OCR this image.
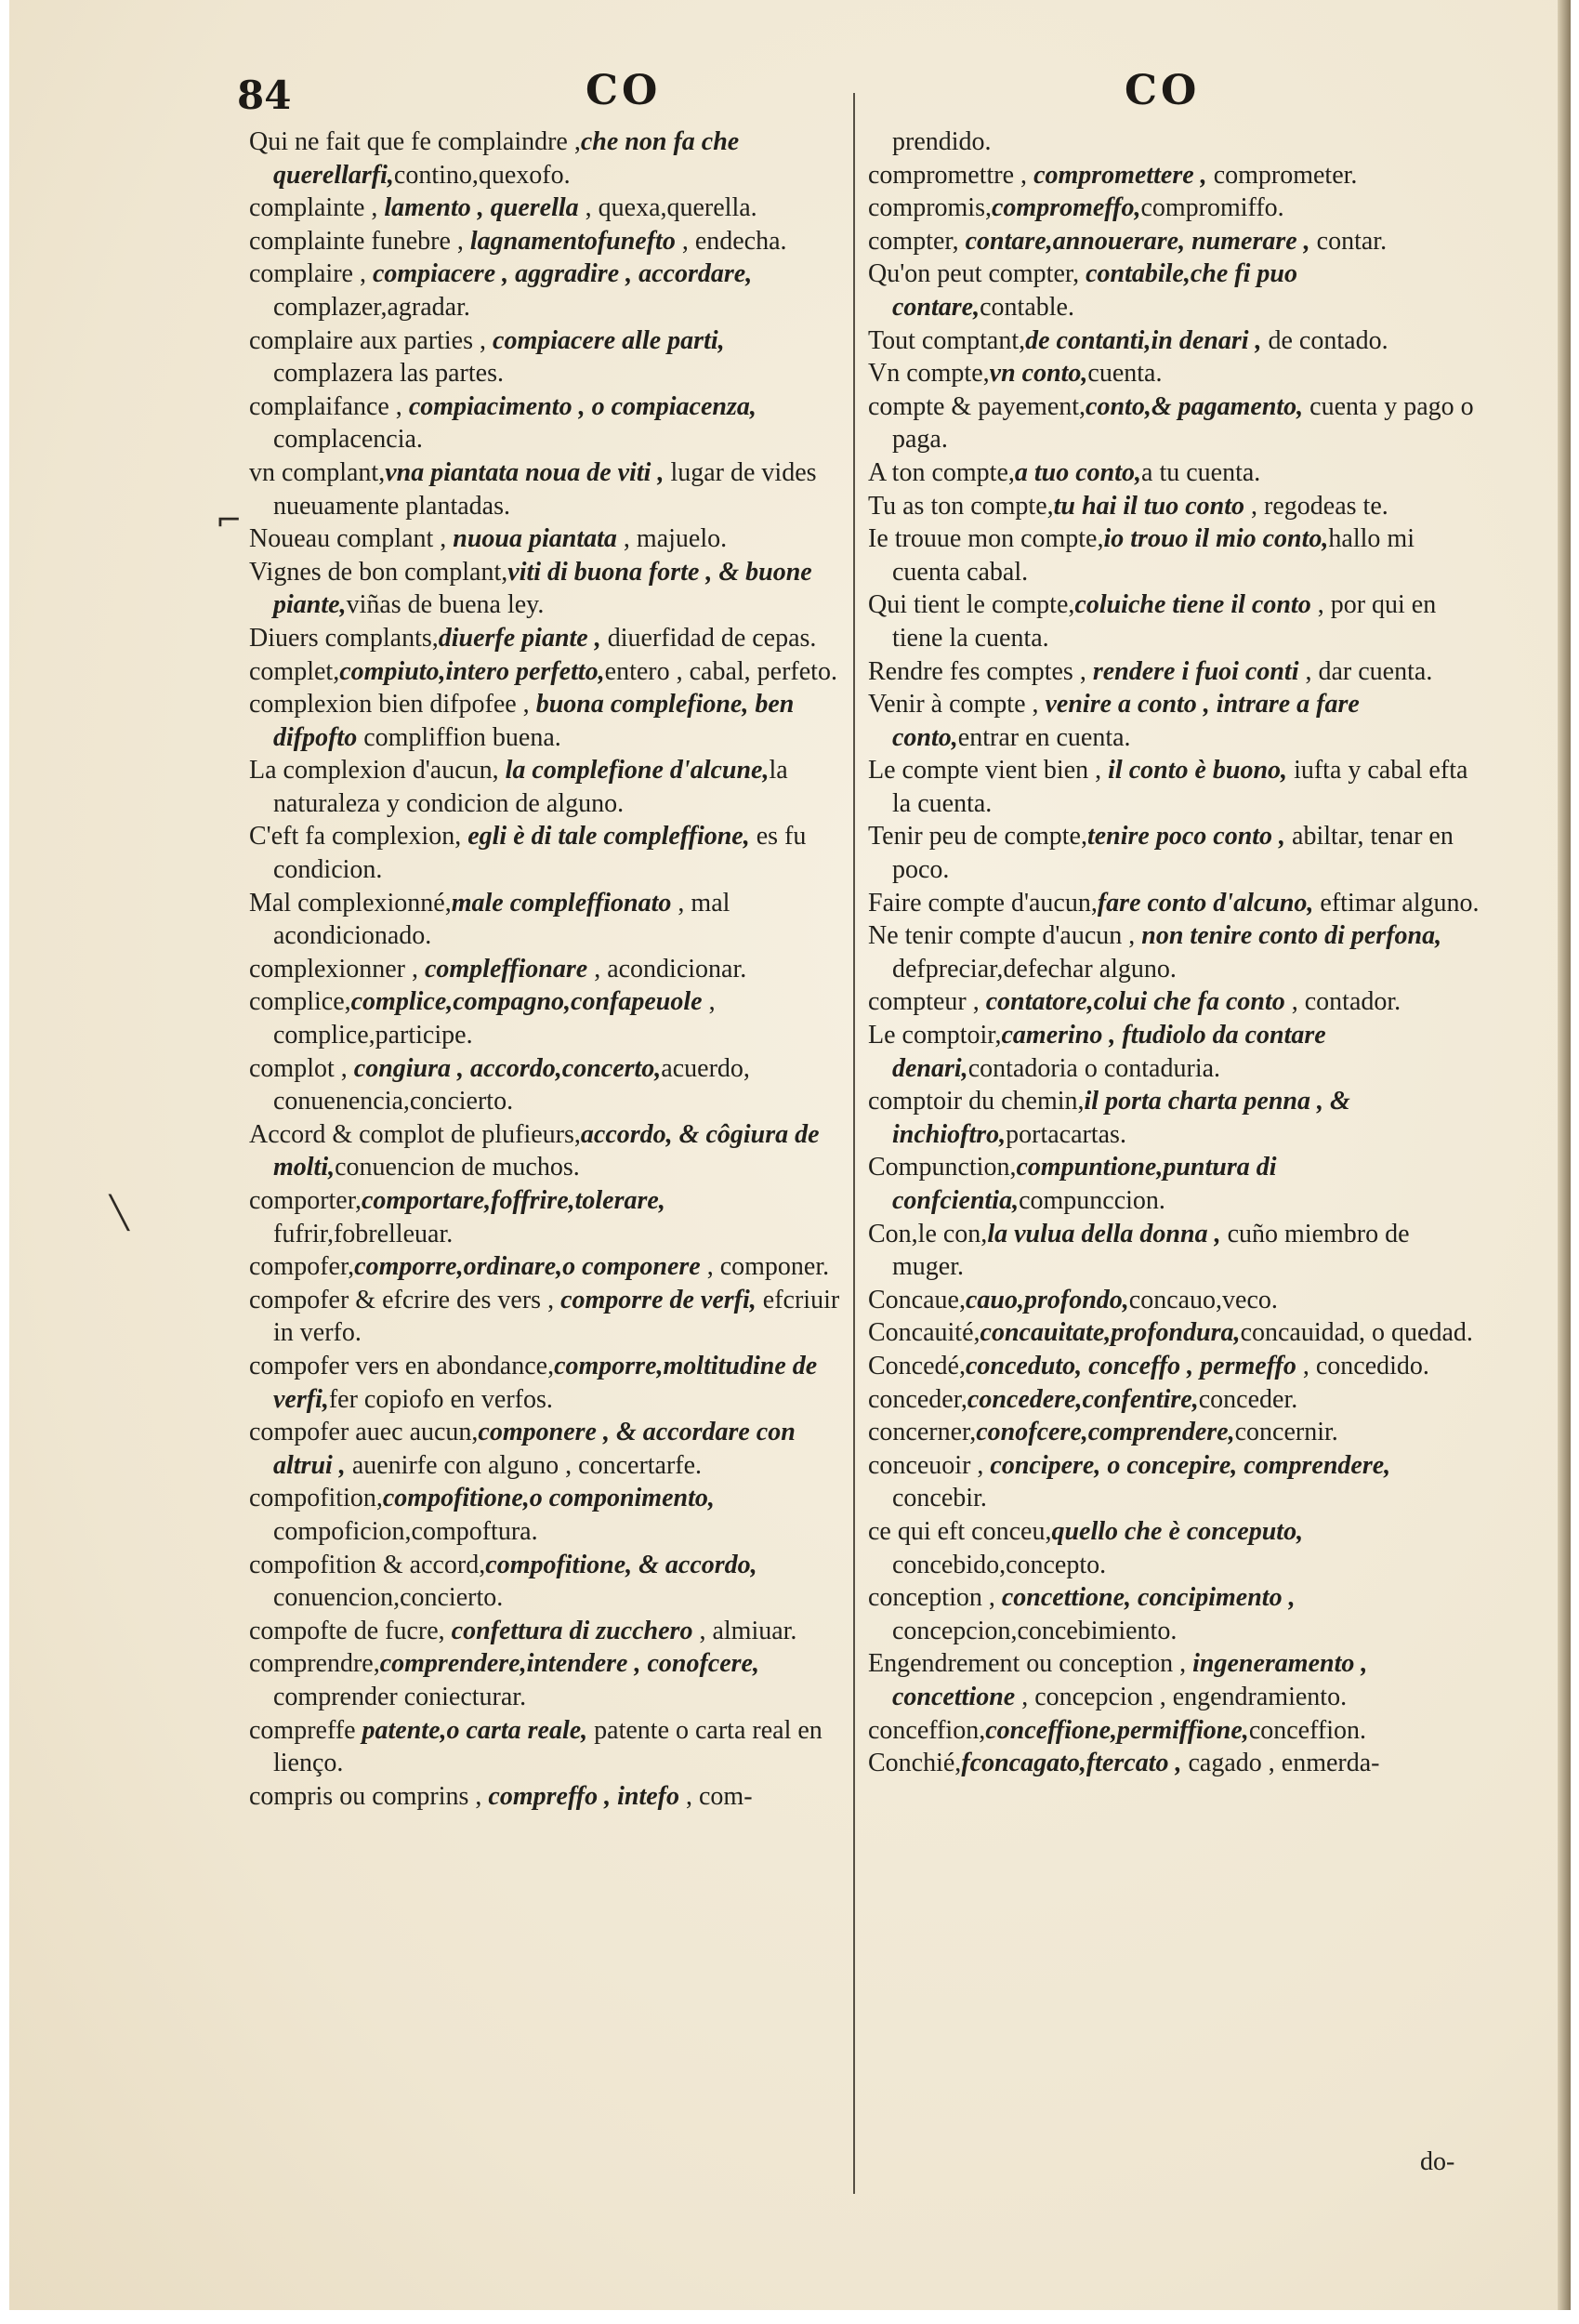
84	CO	CO

Qui ne fait que fe complaindre ,che non fa che querellarfi,contino,quexofo.

complainte , lamento , querella , quexa,querella.

complainte funebre , lagnamentofunefto , endecha.

complaire , compiacere , aggradire , accordare, complazer,agradar.

complaire aux parties , compiacere alle parti, complazera las partes.

complaifance , compiacimento , o compiacenza, complacencia.

vn complant,vna piantata noua de viti , lugar de vides nueuamente plantadas.

Noueau complant , nuoua piantata , majuelo.

Vignes de bon complant,viti di buona forte , & buone piante,viñas de buena ley.

Diuers complants,diuerfe piante , diuerfidad de cepas.

complet,compiuto,intero perfetto,entero , cabal, perfeto.

complexion bien difpofee , buona complefione, ben difpofto compliffion buena.

La complexion d'aucun, la complefione d'alcune,la naturaleza y condicion de alguno.

C'eft fa complexion, egli è di tale compleffione, es fu condicion.

Mal complexionné,male compleffionato , mal acondicionado.

complexionner , compleffionare , acondicionar.

complice,complice,compagno,confapeuole , complice,participe.

complot , congiura , accordo,concerto,acuerdo, conuenencia,concierto.

Accord & complot de plufieurs,accordo, & côgiura de molti,conuencion de muchos.

comporter,comportare,foffrire,tolerare, fufrir,fobrelleuar.

compofer,comporre,ordinare,o componere , componer.

compofer & efcrire des vers , comporre de verfi, efcriuir in verfo.

compofer vers en abondance,comporre,moltitudine de verfi,fer copiofo en verfos.

compofer auec aucun,componere , & accordare con altrui , auenirfe con alguno , concertarfe.

compofition,compofitione,o componimento, compoficion,compoftura.

compofition & accord,compofitione, & accordo, conuencion,concierto.

compofte de fucre, confettura di zucchero , almiuar.

comprendre,comprendere,intendere , conofcere, comprender coniecturar.

compreffe patente,o carta reale, patente o carta real en lienço.

compris ou comprins , compreffo , intefo , com-

prendido.

compromettre , compromettere , comprometer.

compromis,compromeffo,compromiffo.

compter, contare,annouerare, numerare , contar.

Qu'on peut compter, contabile,che fi puo contare,contable.

Tout comptant,de contanti,in denari , de contado.

Vn compte,vn conto,cuenta.

compte & payement,conto,& pagamento, cuenta y pago o paga.

A ton compte,a tuo conto,a tu cuenta.

Tu as ton compte,tu hai il tuo conto , regodeas te.

Ie trouue mon compte,io trouo il mio conto,hallo mi cuenta cabal.

Qui tient le compte,coluiche tiene il conto , por qui en tiene la cuenta.

Rendre fes comptes , rendere i fuoi conti , dar cuenta.

Venir à compte , venire a conto , intrare a fare conto,entrar en cuenta.

Le compte vient bien , il conto è buono, iufta y cabal efta la cuenta.

Tenir peu de compte,tenire poco conto , abiltar, tenar en poco.

Faire compte d'aucun,fare conto d'alcuno, eftimar alguno.

Ne tenir compte d'aucun , non tenire conto di perfona, defpreciar,defechar alguno.

compteur , contatore,colui che fa conto , contador.

Le comptoir,camerino , ftudiolo da contare denari,contadoria o contaduria.

comptoir du chemin,il porta charta penna , & inchioftro,portacartas.

Compunction,compuntione,puntura di confcientia,compunccion.

Con,le con,la vulua della donna , cuño miembro de muger.

Concaue,cauo,profondo,concauo,veco.

Concauité,concauitate,profondura,concauidad, o quedad.

Concedé,conceduto, conceffo , permeffo , concedido.

conceder,concedere,confentire,conceder.

concerner,conofcere,comprendere,concernir.

conceuoir , concipere, o concepire, comprendere, concebir.

ce qui eft conceu,quello che è conceputo, concebido,concepto.

conception , concettione, concipimento , concepcion,concebimiento.

Engendrement ou conception , ingeneramento , concettione , concepcion , engendramiento.

conceffion,conceffione,permiffione,conceffion.

Conchié,fconcagato,ftercato , cagado , enmerda-

do-
⌐
╲
